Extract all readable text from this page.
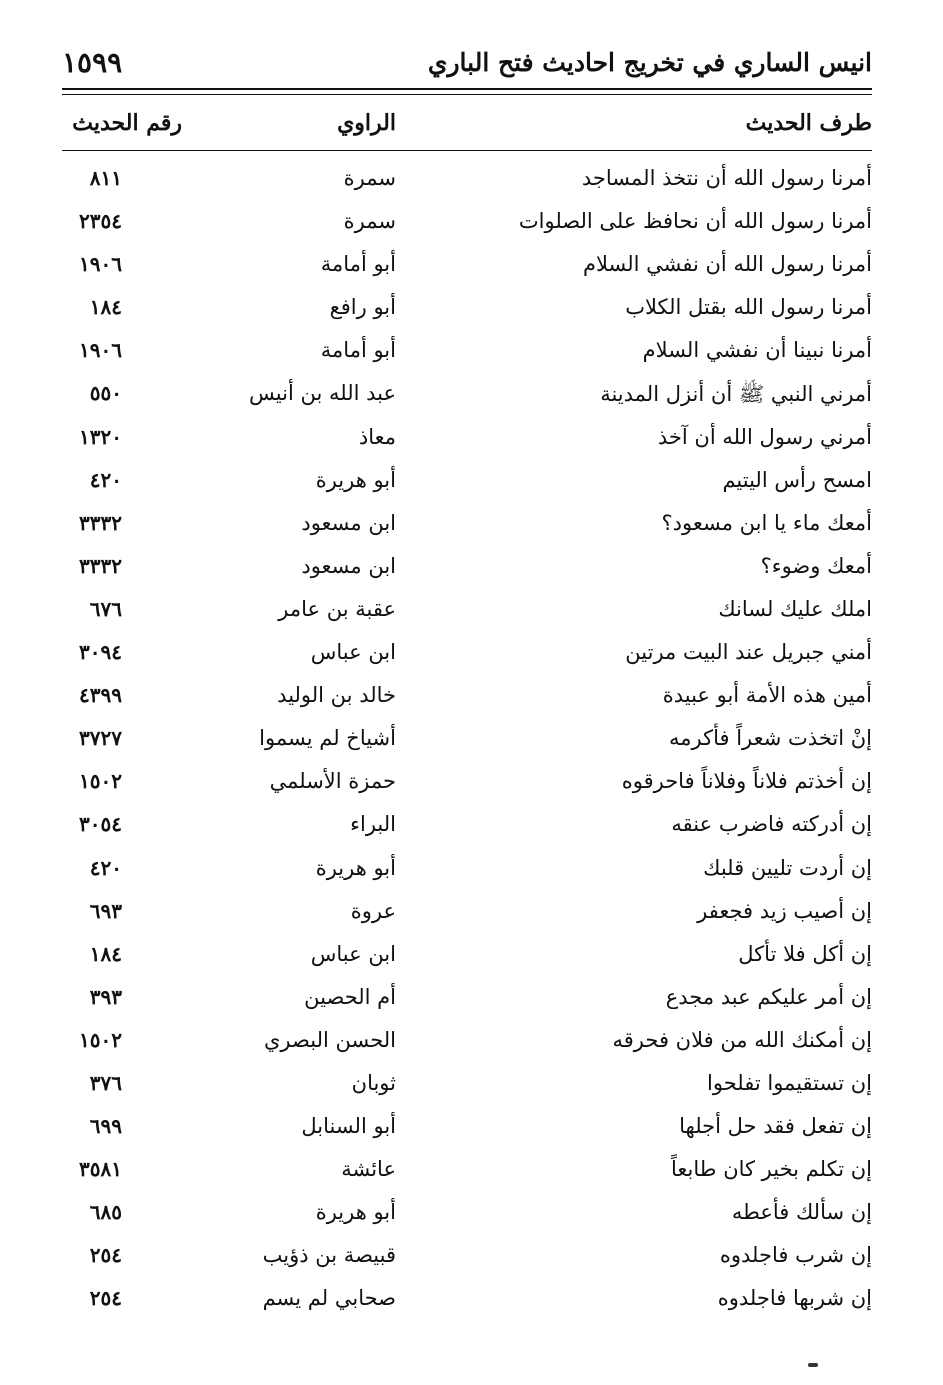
١٥٩٩	انيس الساري في تخريج احاديث فتح الباري
طرف الحديث
الراوي
رقم الحديث
أمرنا رسول الله أن نتخذ المساجد
سمرة
٨١١
أمرنا رسول الله أن نحافظ على الصلوات
سمرة
٢٣٥٤
أمرنا رسول الله أن نفشي السلام
أبو أمامة
١٩٠٦
أمرنا رسول الله بقتل الكلاب
أبو رافع
١٨٤
أمرنا نبينا أن نفشي السلام
أبو أمامة
١٩٠٦
أمرني النبي ﷺ أن أنزل المدينة
عبد الله بن أنيس
٥٥٠
أمرني رسول الله أن آخذ
معاذ
١٣٢٠
امسح رأس اليتيم
أبو هريرة
٤٢٠
أمعك ماء يا ابن مسعود؟
ابن مسعود
٣٣٣٢
أمعك وضوء؟
ابن مسعود
٣٣٣٢
املك عليك لسانك
عقبة بن عامر
٦٧٦
أمني جبريل عند البيت مرتين
ابن عباس
٣٠٩٤
أمين هذه الأمة أبو عبيدة
خالد بن الوليد
٤٣٩٩
إنْ اتخذت شعراً فأكرمه
أشياخ لم يسموا
٣٧٢٧
إن أخذتم فلاناً وفلاناً فاحرقوه
حمزة الأسلمي
١٥٠٢
إن أدركته فاضرب عنقه
البراء
٣٠٥٤
إن أردت تليين قلبك
أبو هريرة
٤٢٠
إن أصيب زيد فجعفر
عروة
٦٩٣
إن أكل فلا تأكل
ابن عباس
١٨٤
إن أمر عليكم عبد مجدع
أم الحصين
٣٩٣
إن أمكنك الله من فلان فحرقه
الحسن البصري
١٥٠٢
إن تستقيموا تفلحوا
ثوبان
٣٧٦
إن تفعل فقد حل أجلها
أبو السنابل
٦٩٩
إن تكلم بخير كان طابعاً
عائشة
٣٥٨١
إن سألك فأعطه
أبو هريرة
٦٨٥
إن شرب فاجلدوه
قبيصة بن ذؤيب
٢٥٤
إن شربها فاجلدوه
صحابي لم يسم
٢٥٤
